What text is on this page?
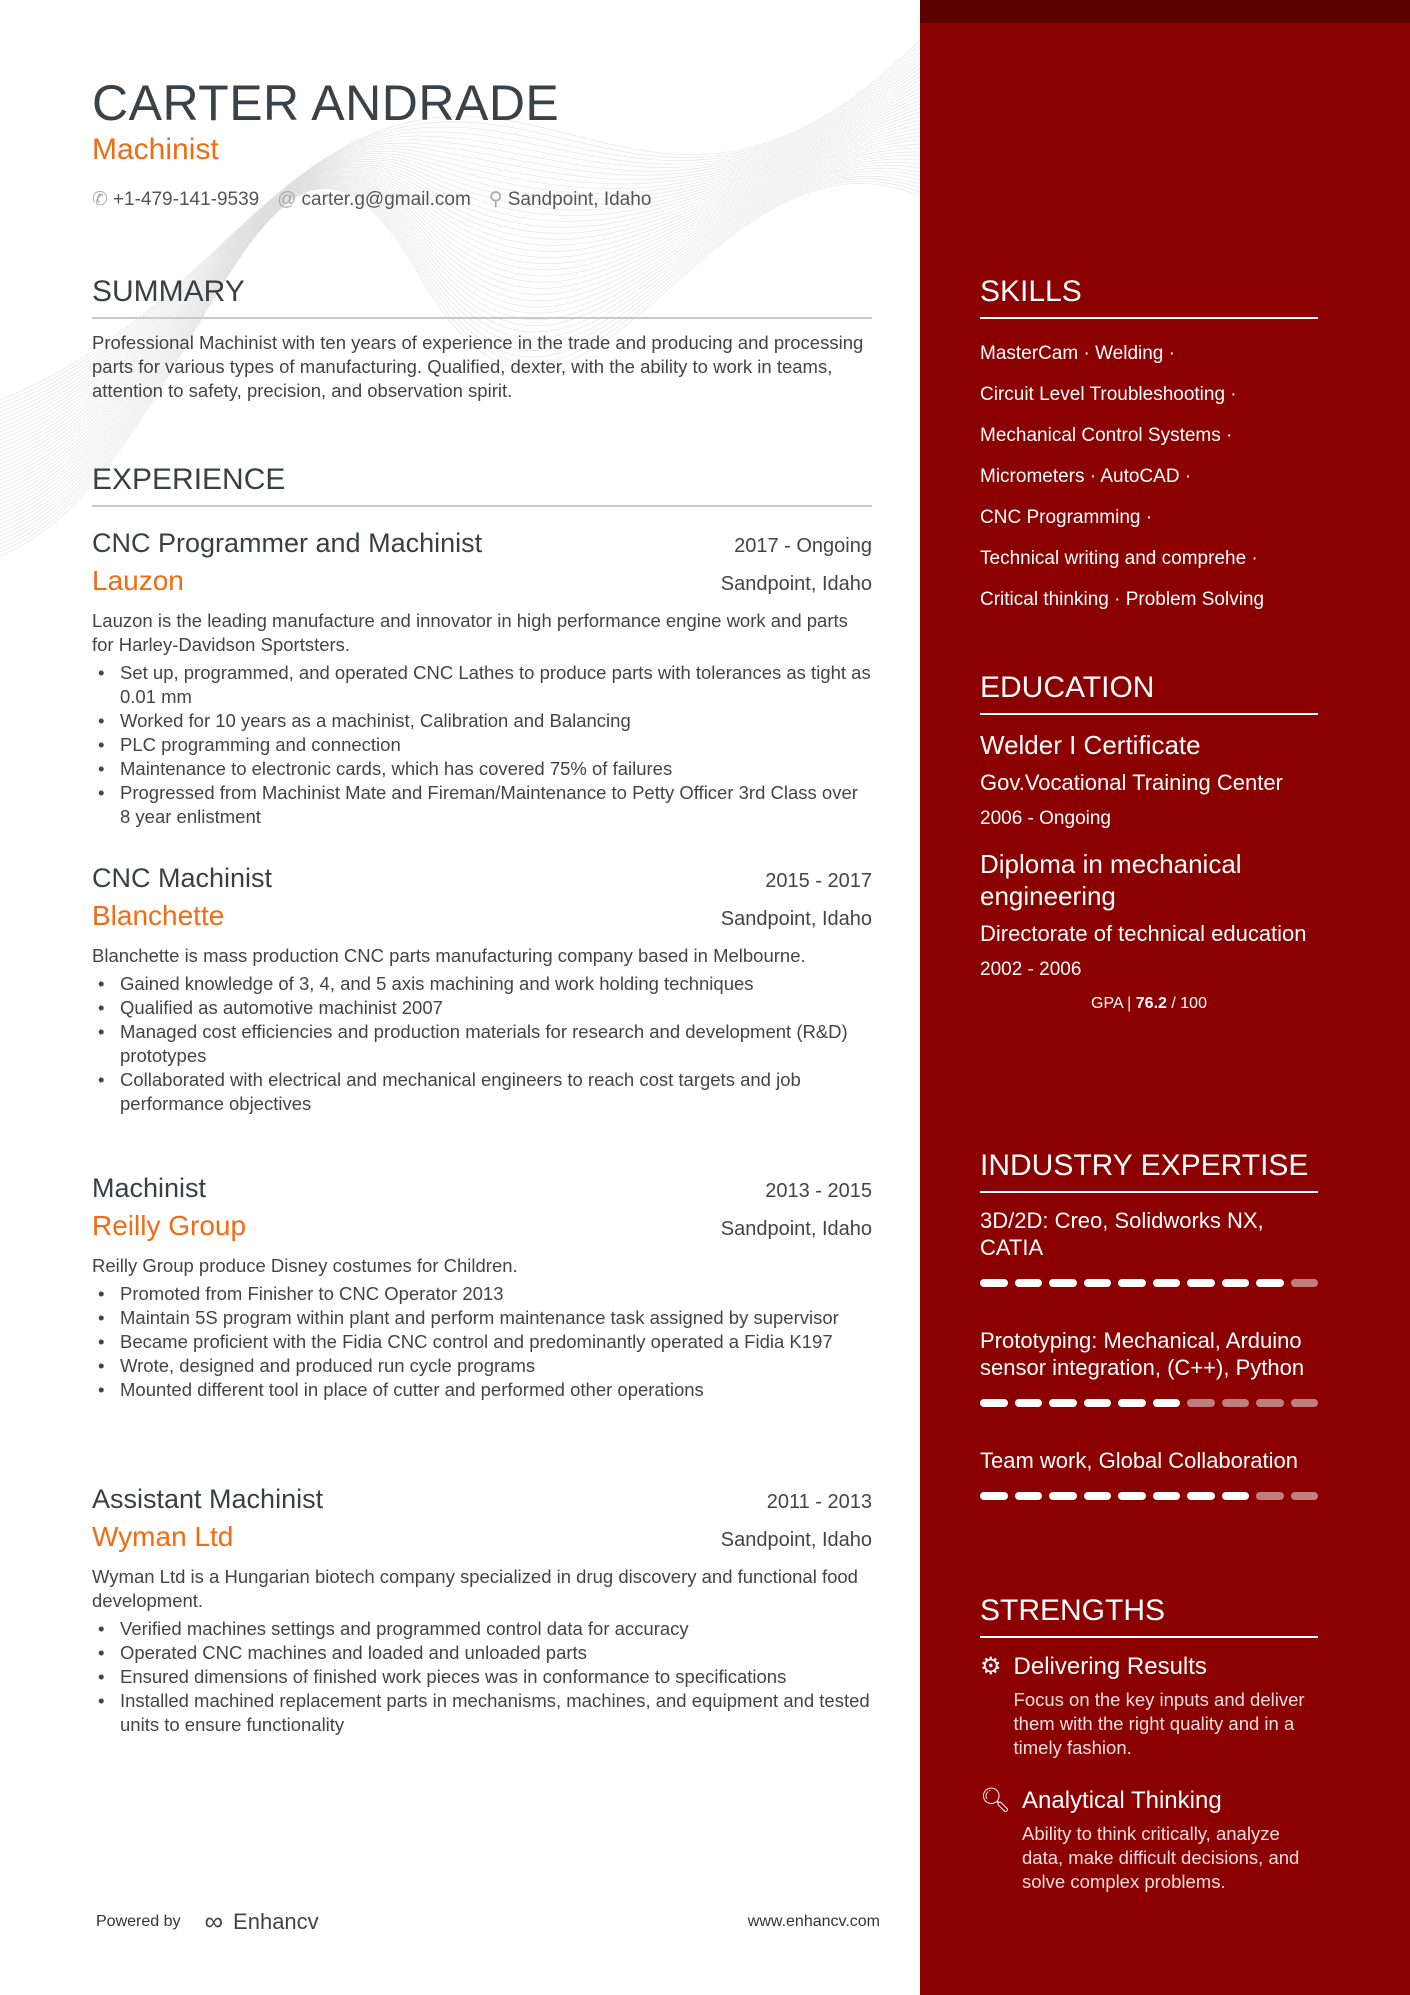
CARTER ANDRADE
Machinist
✆ +1-479-141-9539 @ carter.g@gmail.com ⚲ Sandpoint, Idaho
SUMMARY

Professional Machinist with ten years of experience in the trade and producing and processing parts for various types of manufacturing. Qualified, dexter, with the ability to work in teams, attention to safety, precision, and observation spirit.

EXPERIENCE
CNC Programmer and Machinist	2017 - Ongoing
Lauzon	Sandpoint, Idaho

Lauzon is the leading manufacture and innovator in high performance engine work and parts for Harley-Davidson Sportsters.

• Set up, programmed, and operated CNC Lathes to produce parts with tolerances as tight as 0.01 mm
• Worked for 10 years as a machinist, Calibration and Balancing
• PLC programming and connection
• Maintenance to electronic cards, which has covered 75% of failures
• Progressed from Machinist Mate and Fireman/Maintenance to Petty Officer 3rd Class over 8 year enlistment
CNC Machinist	2015 - 2017
Blanchette	Sandpoint, Idaho

Blanchette is mass production CNC parts manufacturing company based in Melbourne.

• Gained knowledge of 3, 4, and 5 axis machining and work holding techniques
• Qualified as automotive machinist 2007
• Managed cost efficiencies and production materials for research and development (R&D) prototypes
• Collaborated with electrical and mechanical engineers to reach cost targets and job performance objectives
Machinist	2013 - 2015
Reilly Group	Sandpoint, Idaho

Reilly Group produce Disney costumes for Children.

• Promoted from Finisher to CNC Operator 2013
• Maintain 5S program within plant and perform maintenance task assigned by supervisor
• Became proficient with the Fidia CNC control and predominantly operated a Fidia K197
• Wrote, designed and produced run cycle programs
• Mounted different tool in place of cutter and performed other operations
Assistant Machinist	2011 - 2013
Wyman Ltd	Sandpoint, Idaho

Wyman Ltd is a Hungarian biotech company specialized in drug discovery and functional food development.

• Verified machines settings and programmed control data for accuracy
• Operated CNC machines and loaded and unloaded parts
• Ensured dimensions of finished work pieces was in conformance to specifications
• Installed machined replacement parts in mechanisms, machines, and equipment and tested units to ensure functionality
Powered by ∞ Enhancv	www.enhancv.com
SKILLS
MasterCam · Welding ·
Circuit Level Troubleshooting ·
Mechanical Control Systems ·
Micrometers · AutoCAD ·
CNC Programming ·
Technical writing and comprehe ·
Critical thinking · Problem Solving
EDUCATION
Welder I Certificate
Gov.Vocational Training Center
2006 - Ongoing
Diploma in mechanical engineering
Directorate of technical education
2002 - 2006
GPA | 76.2 / 100
INDUSTRY EXPERTISE
3D/2D: Creo, Solidworks NX, CATIA
Prototyping: Mechanical, Arduino sensor integration, (C++), Python
Team work, Global Collaboration
STRENGTHS
⚙ Delivering Results
Focus on the key inputs and deliver them with the right quality and in a timely fashion.
🔍︎ Analytical Thinking
Ability to think critically, analyze data, make difficult decisions, and solve complex problems.
